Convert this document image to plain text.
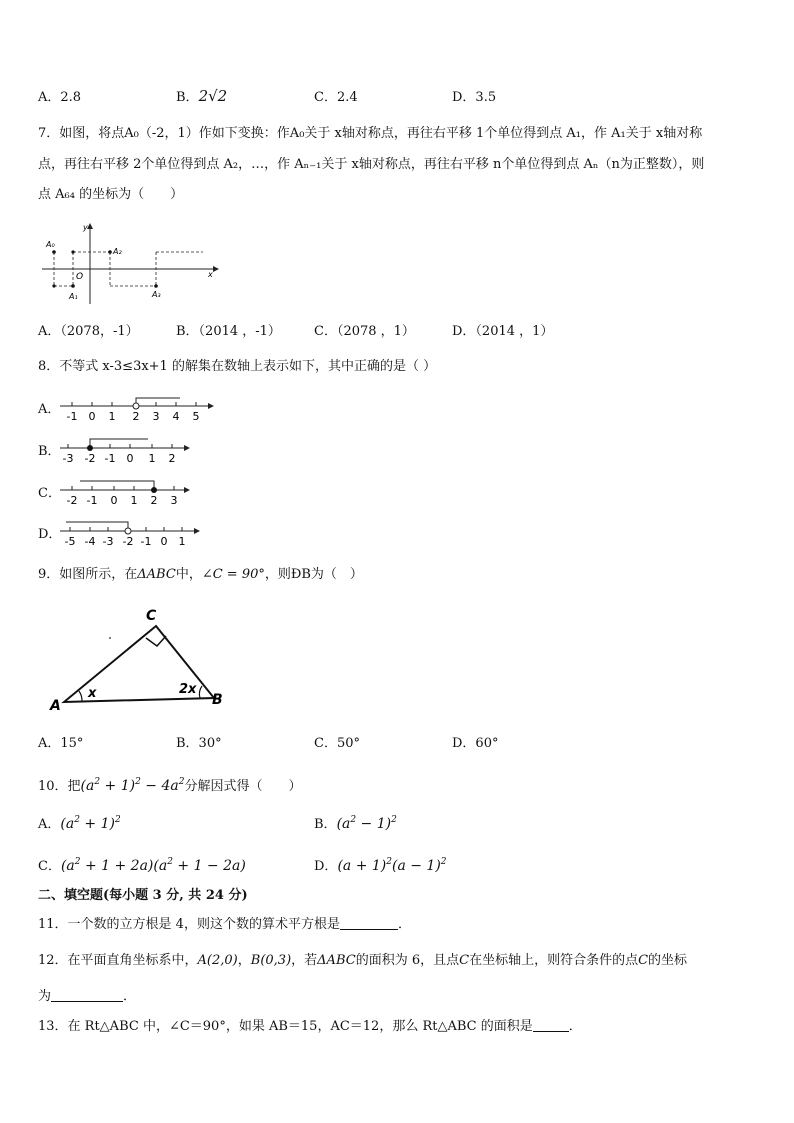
A．2.8	B．2√2	C．2.4	D．3.5
7．如图，将点A₀（-2，1）作如下变换：作A₀关于 x轴对称点，再往右平移 1个单位得到点 A₁，作 A₁关于 x轴对称
点，再往右平移 2个单位得到点 A₂，…，作 Aₙ₋₁关于 x轴对称点，再往右平移 n个单位得到点 Aₙ（n为正整数），则
点 A₆₄ 的坐标为（　　）
y
x
O
A₀
A₁
A₂
A₃
A．（2078，-1）	B．（2014 ，-1）	C．（2078 ，1）	D．（2014 ，1）
8．不等式 x-3≤3x+1 的解集在数轴上表示如下，其中正确的是（ ）
A． -1 0 1 2 3 4 5
B． -3 -2 -1 0 1 2
C． -2 -1 0 1 2 3
D． -5 -4 -3 -2 -1 0 1
9．如图所示，在ΔABC中，∠C = 90°，则ÐB为（　）
C
A	B
x	2x
A．15°	B．30°	C．50°	D．60°
10．把$(a^2 + 1)^2 - 4a^2$分解因式得（　　）
A．$(a^2 + 1)^2$	B．$(a^2 - 1)^2$
C．$(a^2 + 1 + 2a)(a^2 + 1 - 2a)$	D．$(a + 1)^2(a - 1)^2$
二、填空题(每小题 3 分, 共 24 分)
11．一个数的立方根是 4，则这个数的算术平方根是	．
12．在平面直角坐标系中，A(2,0)，B(0,3)，若ΔABC的面积为 6，且点C在坐标轴上，则符合条件的点C的坐标
为	．
13．在 Rt△ABC 中，∠C＝90°，如果 AB＝15，AC＝12，那么 Rt△ABC 的面积是	．
